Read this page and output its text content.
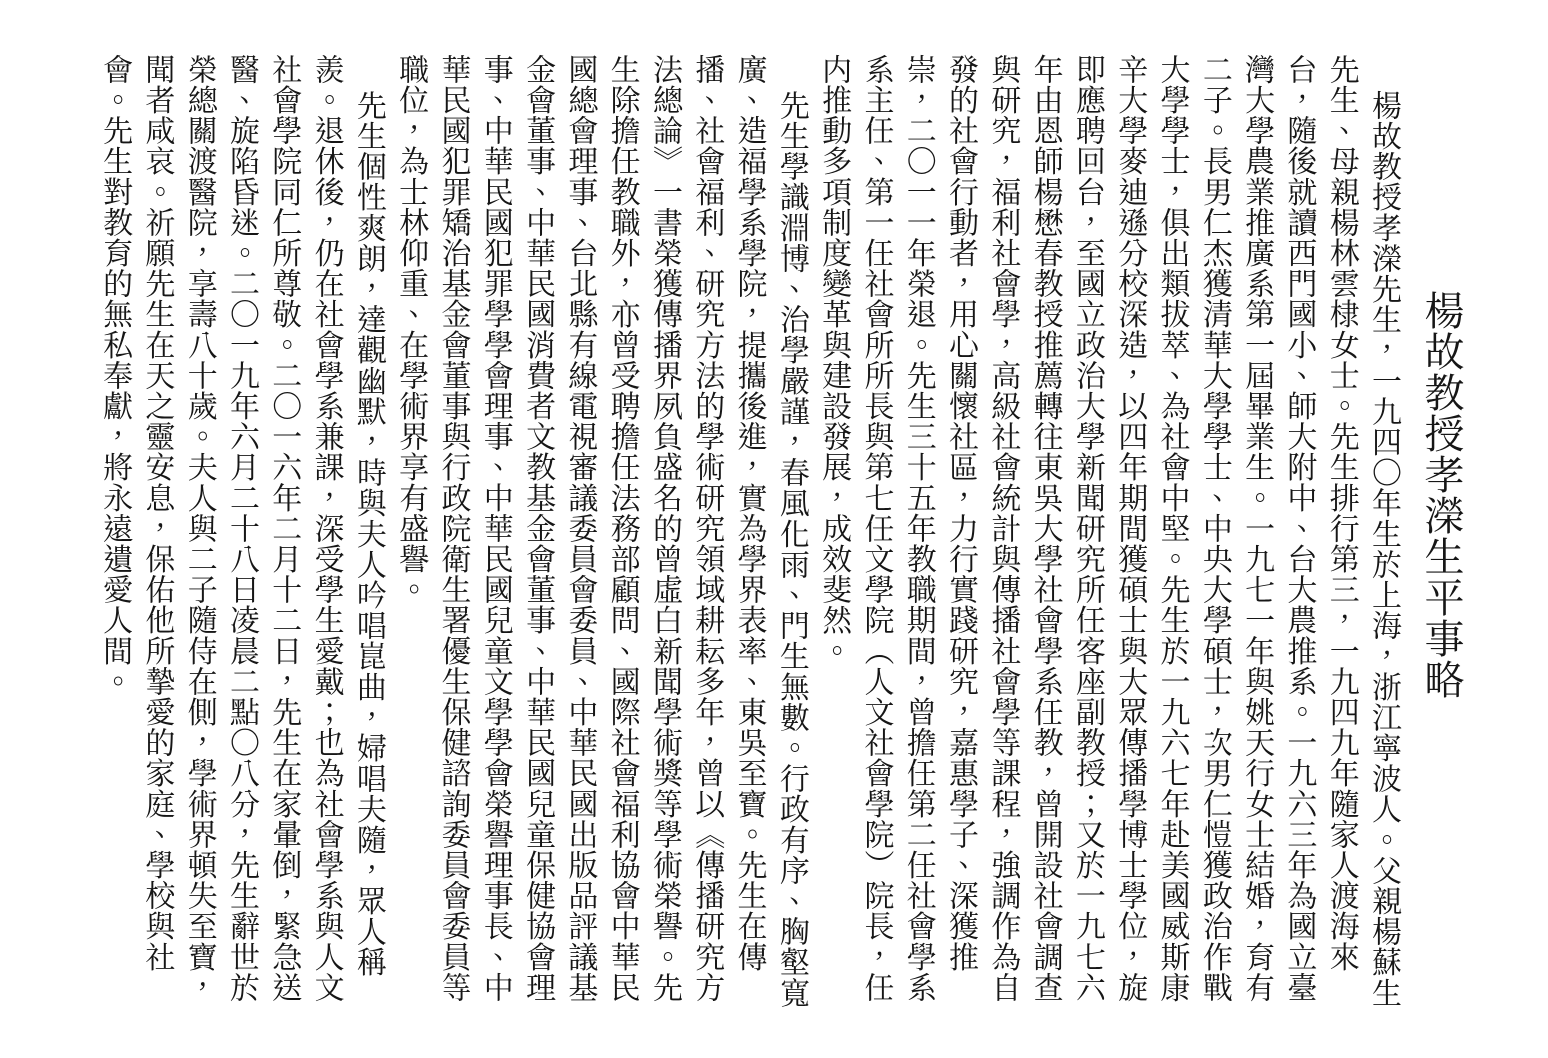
楊故教授孝濚生平事略

楊故教授孝濚先生，一九四〇年生於上海，浙江寧波人。父親楊蘇生先生、母親楊林雲棣女士。先生排行第三，一九四九年隨家人渡海來台，隨後就讀西門國小、師大附中、台大農推系。一九六三年為國立臺灣大學農業推廣系第一屆畢業生。一九七一年與姚天行女士結婚，育有二子。長男仁杰獲清華大學學士、中央大學碩士，次男仁愷獲政治作戰大學學士，俱出類拔萃、為社會中堅。先生於一九六七年赴美國威斯康辛大學麥迪遜分校深造，以四年期間獲碩士與大眾傳播學博士學位，旋即應聘回台，至國立政治大學新聞研究所任客座副教授；又於一九七六年由恩師楊懋春教授推薦轉往東吳大學社會學系任教，曾開設社會調查與研究，福利社會學，高級社會統計與傳播社會學等課程，強調作為自發的社會行動者，用心關懷社區，力行實踐研究，嘉惠學子、深獲推崇，二〇一一年榮退。先生三十五年教職期間，曾擔任第二任社會學系系主任、第一任社會所所長與第七任文學院（人文社會學院）院長，任内推動多項制度變革與建設發展，成效斐然。

先生學識淵博、治學嚴謹，春風化雨、門生無數。行政有序、胸壑寬廣、造福學系學院，提攜後進，實為學界表率、東吳至寶。先生在傳播、社會福利、研究方法的學術研究領域耕耘多年，曾以《傳播研究方法總論》一書榮獲傳播界夙負盛名的曾虛白新聞學術獎等學術榮譽。先生除擔任教職外，亦曾受聘擔任法務部顧問、國際社會福利協會中華民國總會理事、台北縣有線電視審議委員會委員、中華民國出版品評議基金會董事、中華民國消費者文教基金會董事、中華民國兒童保健協會理事、中華民國犯罪學學會理事、中華民國兒童文學學會榮譽理事長、中華民國犯罪矯治基金會董事與行政院衛生署優生保健諮詢委員會委員等職位，為士林仰重、在學術界享有盛譽。

先生個性爽朗，達觀幽默，時與夫人吟唱崑曲，婦唱夫隨，眾人稱羨。退休後，仍在社會學系兼課，深受學生愛戴；也為社會學系與人文社會學院同仁所尊敬。二〇一六年二月十二日，先生在家暈倒，緊急送醫、旋陷昏迷。二〇一九年六月二十八日凌晨二點〇八分，先生辭世於榮總關渡醫院，享壽八十歲。夫人與二子隨侍在側，學術界頓失至寶，聞者咸哀。祈願先生在天之靈安息，保佑他所摯愛的家庭、學校與社會。先生對教育的無私奉獻，將永遠遺愛人間。
